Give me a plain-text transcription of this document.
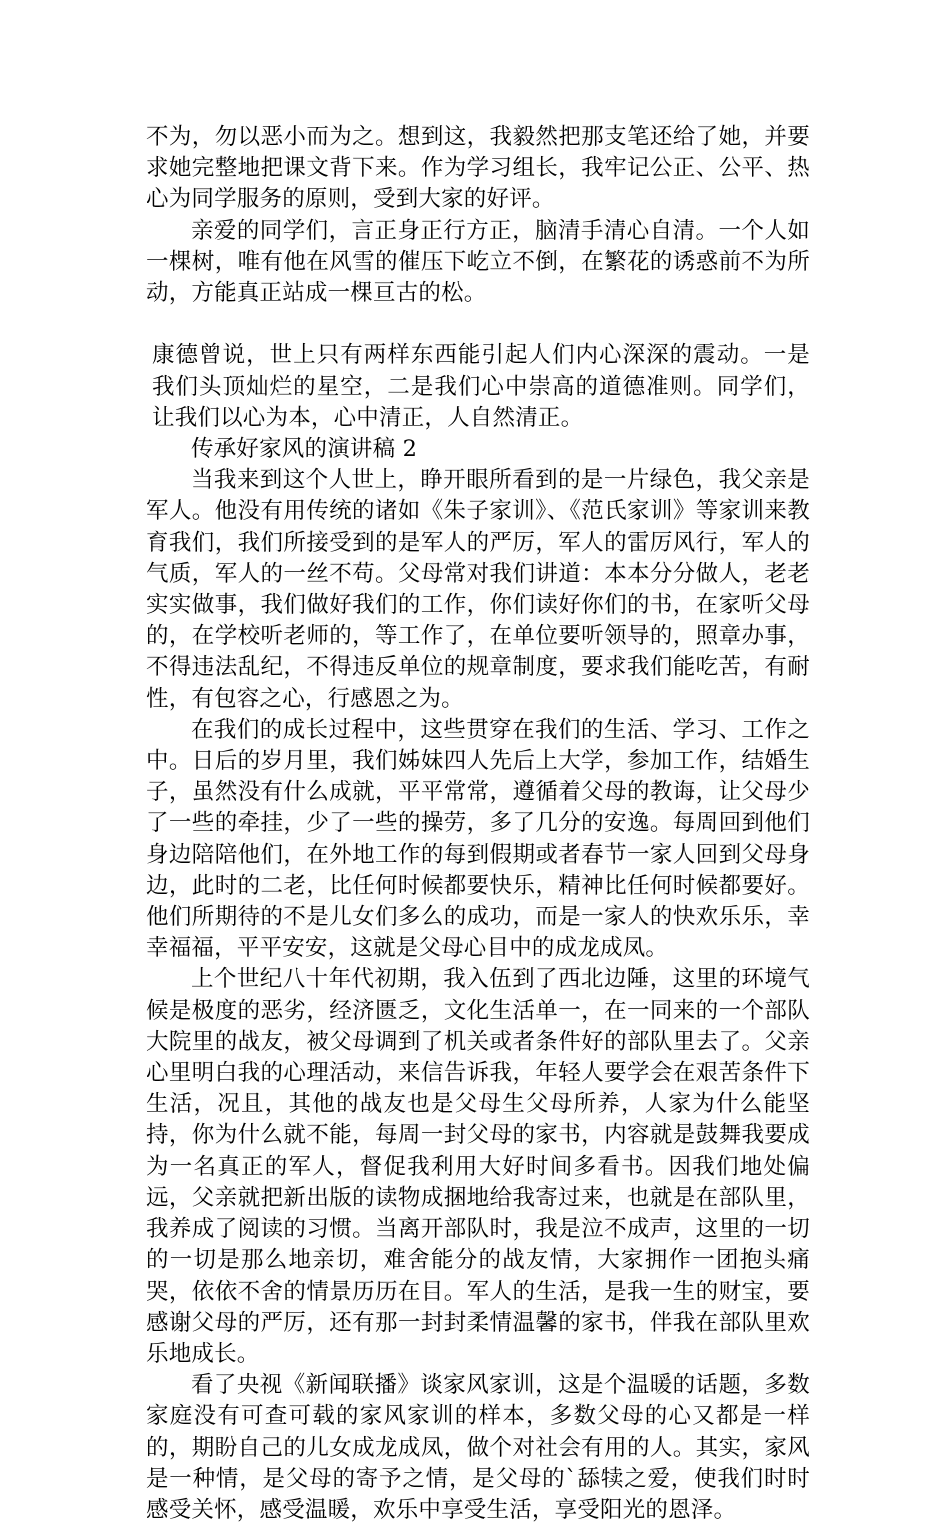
不为，勿以恶小而为之。想到这，我毅然把那支笔还给了她，并要求她完整地把课文背下来。作为学习组长，我牢记公正、公平、热心为同学服务的原则，受到大家的好评。

亲爱的同学们，言正身正行方正，脑清手清心自清。一个人如一棵树，唯有他在风雪的催压下屹立不倒，在繁花的诱惑前不为所动，方能真正站成一棵亘古的松。

康德曾说，世上只有两样东西能引起人们内心深深的震动。一是我们头顶灿烂的星空，二是我们心中崇高的道德准则。同学们，让我们以心为本，心中清正，人自然清正。

传承好家风的演讲稿 2

当我来到这个人世上，睁开眼所看到的是一片绿色，我父亲是军人。他没有用传统的诸如《朱子家训》、《范氏家训》等家训来教育我们，我们所接受到的是军人的严厉，军人的雷厉风行，军人的气质，军人的一丝不苟。父母常对我们讲道：本本分分做人，老老实实做事，我们做好我们的工作，你们读好你们的书，在家听父母的，在学校听老师的，等工作了，在单位要听领导的，照章办事，不得违法乱纪，不得违反单位的规章制度，要求我们能吃苦，有耐性，有包容之心，行感恩之为。

在我们的成长过程中，这些贯穿在我们的生活、学习、工作之中。日后的岁月里，我们姊妹四人先后上大学，参加工作，结婚生子，虽然没有什么成就，平平常常，遵循着父母的教诲，让父母少了一些的牵挂，少了一些的操劳，多了几分的安逸。每周回到他们身边陪陪他们，在外地工作的每到假期或者春节一家人回到父母身边，此时的二老，比任何时候都要快乐，精神比任何时候都要好。他们所期待的不是儿女们多么的成功，而是一家人的快欢乐乐，幸幸福福，平平安安，这就是父母心目中的成龙成凤。

上个世纪八十年代初期，我入伍到了西北边陲，这里的环境气候是极度的恶劣，经济匮乏，文化生活单一，在一同来的一个部队大院里的战友，被父母调到了机关或者条件好的部队里去了。父亲心里明白我的心理活动，来信告诉我，年轻人要学会在艰苦条件下生活，况且，其他的战友也是父母生父母所养，人家为什么能坚持，你为什么就不能，每周一封父母的家书，内容就是鼓舞我要成为一名真正的军人，督促我利用大好时间多看书。因我们地处偏远，父亲就把新出版的读物成捆地给我寄过来，也就是在部队里，我养成了阅读的习惯。当离开部队时，我是泣不成声，这里的一切的一切是那么地亲切，难舍能分的战友情，大家拥作一团抱头痛哭，依依不舍的情景历历在目。军人的生活，是我一生的财宝，要感谢父母的严厉，还有那一封封柔情温馨的家书，伴我在部队里欢乐地成长。

看了央视《新闻联播》谈家风家训，这是个温暖的话题，多数家庭没有可查可载的家风家训的样本，多数父母的心又都是一样的，期盼自己的儿女成龙成凤，做个对社会有用的人。其实，家风是一种情，是父母的寄予之情，是父母的`舔犊之爱，使我们时时感受关怀，感受温暖，欢乐中享受生活，享受阳光的恩泽。
